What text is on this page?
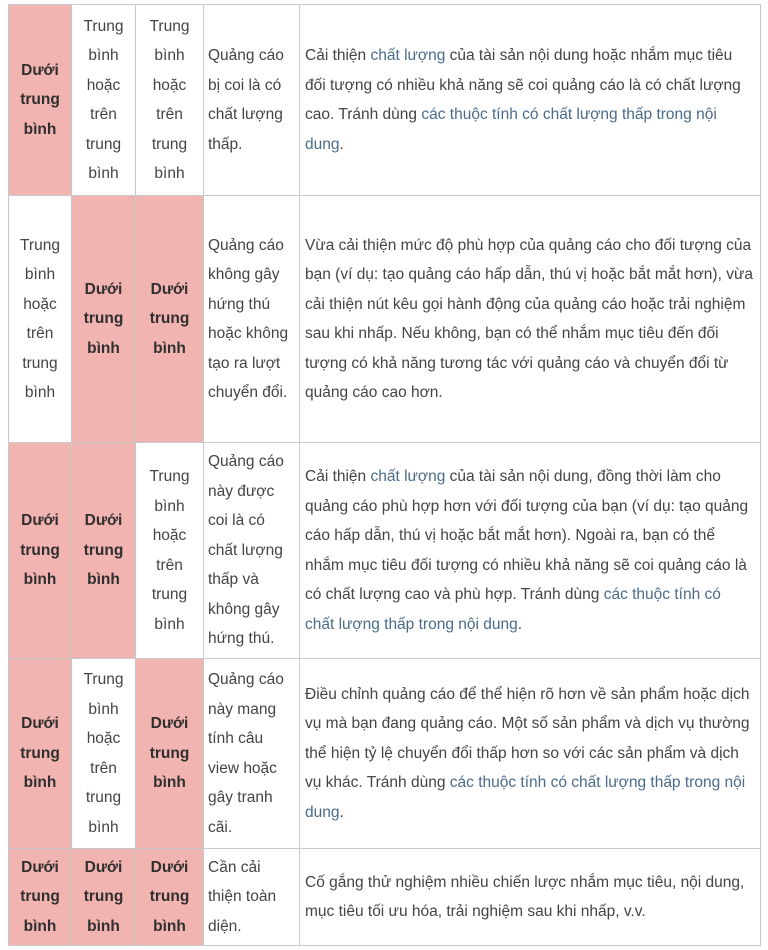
Dưới trung bình	Trung bình hoặc trên trung bình	Trung bình hoặc trên trung bình	Quảng cáo bị coi là có chất lượng thấp.	Cải thiện chất lượng của tài sản nội dung hoặc nhắm mục tiêu đối tượng có nhiều khả năng sẽ coi quảng cáo là có chất lượng cao. Tránh dùng các thuộc tính có chất lượng thấp trong nội dung.
Trung bình hoặc trên trung bình	Dưới trung bình	Dưới trung bình	Quảng cáo không gây hứng thú hoặc không tạo ra lượt chuyển đổi.	Vừa cải thiện mức độ phù hợp của quảng cáo cho đối tượng của bạn (ví dụ: tạo quảng cáo hấp dẫn, thú vị hoặc bắt mắt hơn), vừa cải thiện nút kêu gọi hành động của quảng cáo hoặc trải nghiệm sau khi nhấp. Nếu không, bạn có thể nhắm mục tiêu đến đối tượng có khả năng tương tác với quảng cáo và chuyển đổi từ quảng cáo cao hơn.
Dưới trung bình	Dưới trung bình	Trung bình hoặc trên trung bình	Quảng cáo này được coi là có chất lượng thấp và không gây hứng thú.	Cải thiện chất lượng của tài sản nội dung, đồng thời làm cho quảng cáo phù hợp hơn với đối tượng của bạn (ví dụ: tạo quảng cáo hấp dẫn, thú vị hoặc bắt mắt hơn). Ngoài ra, bạn có thể nhắm mục tiêu đối tượng có nhiều khả năng sẽ coi quảng cáo là có chất lượng cao và phù hợp. Tránh dùng các thuộc tính có chất lượng thấp trong nội dung.
Dưới trung bình	Trung bình hoặc trên trung bình	Dưới trung bình	Quảng cáo này mang tính câu view hoặc gây tranh cãi.	Điều chỉnh quảng cáo để thể hiện rõ hơn về sản phẩm hoặc dịch vụ mà bạn đang quảng cáo. Một số sản phẩm và dịch vụ thường thể hiện tỷ lệ chuyển đổi thấp hơn so với các sản phẩm và dịch vụ khác. Tránh dùng các thuộc tính có chất lượng thấp trong nội dung.
Dưới trung bình	Dưới trung bình	Dưới trung bình	Cần cải thiện toàn diện.	Cố gắng thử nghiệm nhiều chiến lược nhắm mục tiêu, nội dung, mục tiêu tối ưu hóa, trải nghiệm sau khi nhấp, v.v.
